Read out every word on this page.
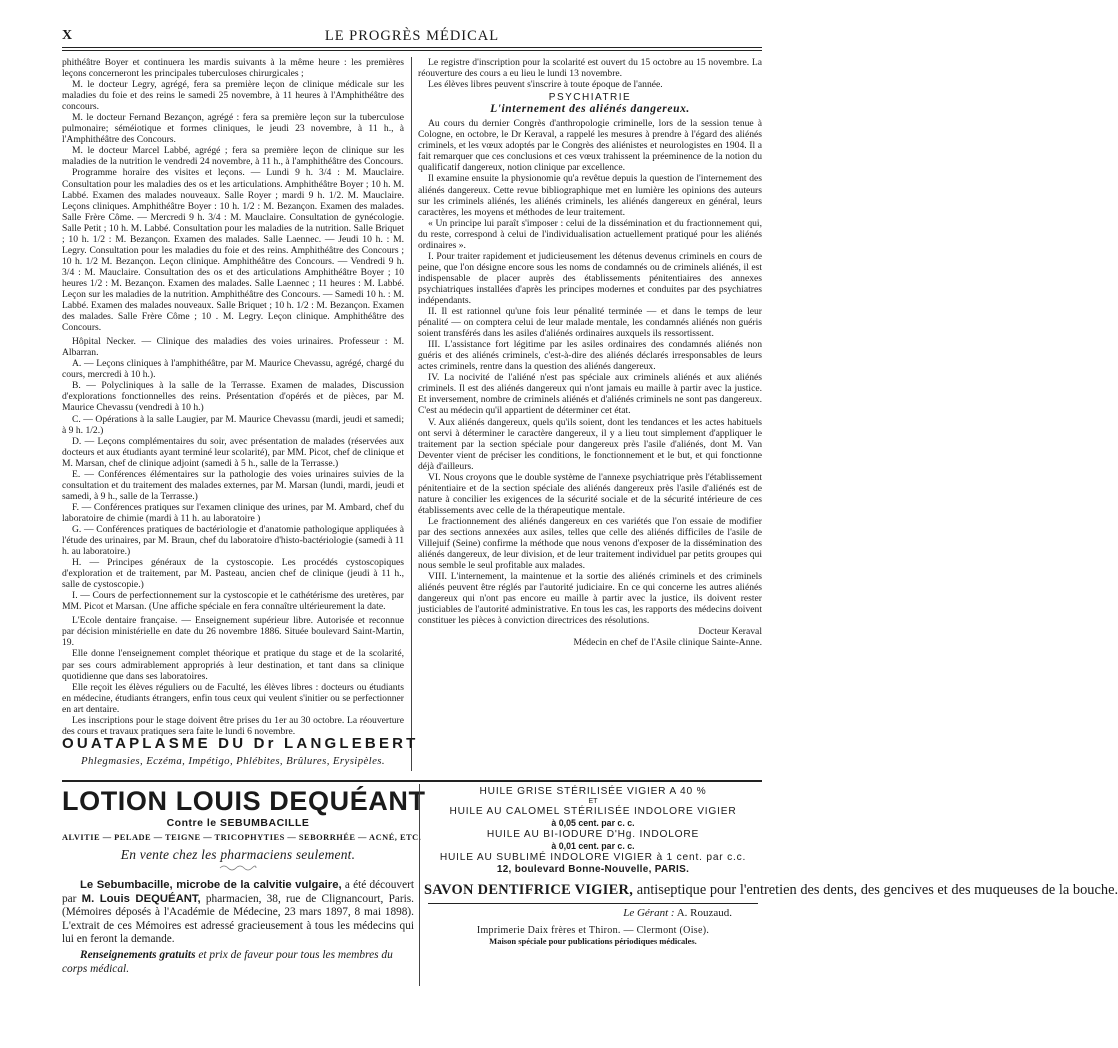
X	LE PROGRÈS MÉDICAL

phithéâtre Boyer et continuera les mardis suivants à la même heure : les premières leçons concerneront les principales tuberculoses chirurgicales ;

M. le docteur Legry, agrégé, fera sa première leçon de clinique médicale sur les maladies du foie et des reins le samedi 25 novembre, à 11 heures à l'Amphithéâtre des concours.

M. le docteur Fernand Bezançon, agrégé : fera sa première leçon sur la tuberculose pulmonaire; séméiotique et formes cliniques, le jeudi 23 novembre, à 11 h., à l'Amphithéâtre des Concours.

M. le docteur Marcel Labbé, agrégé ; fera sa première leçon de clinique sur les maladies de la nutrition le vendredi 24 novembre, à 11 h., à l'amphithéâtre des Concours.

Programme horaire des visites et leçons. — Lundi 9 h. 3/4 : M. Mauclaire. Consultation pour les maladies des os et les articulations. Amphithéâtre Boyer ; 10 h. M. Labbé. Examen des malades nouveaux. Salle Royer ; mardi 9 h. 1/2. M. Mauclaire. Leçons cliniques. Amphithéâtre Boyer : 10 h. 1/2 : M. Bezançon. Examen des malades. Salle Frère Côme. — Mercredi 9 h. 3/4 : M. Mauclaire. Consultation de gynécologie. Salle Petit ; 10 h. M. Labbé. Consultation pour les maladies de la nutrition. Salle Briquet ; 10 h. 1/2 : M. Bezançon. Examen des malades. Salle Laennec. — Jeudi 10 h. : M. Legry. Consultation pour les maladies du foie et des reins. Amphithéâtre des Concours ; 10 h. 1/2 M. Bezançon. Leçon clinique. Amphithéâtre des Concours. — Vendredi 9 h. 3/4 : M. Mauclaire. Consultation des os et des articulations Amphithéâtre Boyer ; 10 heures 1/2 : M. Bezançon. Examen des malades. Salle Laennec ; 11 heures : M. Labbé. Leçon sur les maladies de la nutrition. Amphithéâtre des Concours. — Samedi 10 h. : M. Labbé. Examen des malades nouveaux. Salle Briquet ; 10 h. 1/2 : M. Bezançon. Examen des malades. Salle Frère Côme ; 10 . M. Legry. Leçon clinique. Amphithéâtre des Concours.

Hôpital Necker. — Clinique des maladies des voies urinaires. Professeur : M. Albarran.

A. — Leçons cliniques à l'amphithéâtre, par M. Maurice Chevassu, agrégé, chargé du cours, mercredi à 10 h.).

B. — Polycliniques à la salle de la Terrasse. Examen de malades, Discussion d'explorations fonctionnelles des reins. Présentation d'opérés et de pièces, par M. Maurice Chevassu (vendredi à 10 h.)

C. — Opérations à la salle Laugier, par M. Maurice Chevassu (mardi, jeudi et samedi; à 9 h. 1/2.)

D. — Leçons complémentaires du soir, avec présentation de malades (réservées aux docteurs et aux étudiants ayant terminé leur scolarité), par MM. Picot, chef de clinique et M. Marsan, chef de clinique adjoint (samedi à 5 h., salle de la Terrasse.)

E. — Conférences élémentaires sur la pathologie des voies urinaires suivies de la consultation et du traitement des malades externes, par M. Marsan (lundi, mardi, jeudi et samedi, à 9 h., salle de la Terrasse.)

F. — Conférences pratiques sur l'examen clinique des urines, par M. Ambard, chef du laboratoire de chimie (mardi à 11 h. au laboratoire )

G. — Conférences pratiques de bactériologie et d'anatomie pathologique appliquées à l'étude des urinaires, par M. Braun, chef du laboratoire d'histo-bactériologie (samedi à 11 h. au laboratoire.)

H. — Principes généraux de la cystoscopie. Les procédés cystoscopiques d'exploration et de traitement, par M. Pasteau, ancien chef de clinique (jeudi à 11 h., salle de cystoscopie.)

I. — Cours de perfectionnement sur la cystoscopie et le cathétérisme des uretères, par MM. Picot et Marsan. (Une affiche spéciale en fera connaître ultérieurement la date.

L'Ecole dentaire française. — Enseignement supérieur libre. Autorisée et reconnue par décision ministérielle en date du 26 novembre 1886. Située boulevard Saint-Martin, 19.

Elle donne l'enseignement complet théorique et pratique du stage et de la scolarité, par ses cours admirablement appropriés à leur destination, et tant dans sa clinique quotidienne que dans ses laboratoires.

Elle reçoit les élèves réguliers ou de Faculté, les élèves libres : docteurs ou étudiants en médecine, étudiants étrangers, enfin tous ceux qui veulent s'initier ou se perfectionner en art dentaire.

Les inscriptions pour le stage doivent être prises du 1er au 30 octobre. La réouverture des cours et travaux pratiques sera faite le lundi 6 novembre.

Le registre d'inscription pour la scolarité est ouvert du 15 octobre au 15 novembre. La réouverture des cours a eu lieu le lundi 13 novembre.

Les élèves libres peuvent s'inscrire à toute époque de l'année.

PSYCHIATRIE
L'internement des aliénés dangereux.

Au cours du dernier Congrès d'anthropologie criminelle, lors de la session tenue à Cologne, en octobre, le Dr Keraval, a rappelé les mesures à prendre à l'égard des aliénés criminels, et les vœux adoptés par le Congrès des aliénistes et neurologistes en 1904. Il a fait remarquer que ces conclusions et ces vœux trahissent la préeminence de la notion du qualificatif dangereux, notion clinique par excellence.

Il examine ensuite la physionomie qu'a revêtue depuis la question de l'internement des aliénés dangereux. Cette revue bibliographique met en lumière les opinions des auteurs sur les criminels aliénés, les aliénés criminels, les aliénés dangereux en général, leurs caractères, les moyens et méthodes de leur traitement.

« Un principe lui paraît s'imposer : celui de la dissémination et du fractionnement qui, du reste, correspond à celui de l'individualisation actuellement pratiqué pour les aliénés ordinaires ».

I. Pour traiter rapidement et judicieusement les détenus devenus criminels en cours de peine, que l'on désigne encore sous les noms de condamnés ou de criminels aliénés, il est indispensable de placer auprès des établissements pénitentiaires des annexes psychiatriques installées d'après les principes modernes et conduites par des psychiatres indépendants.

II. Il est rationnel qu'une fois leur pénalité terminée — et dans le temps de leur pénalité — on comptera celui de leur malade mentale, les condamnés aliénés non guéris soient transférés dans les asiles d'aliénés ordinaires auxquels ils ressortissent.

III. L'assistance fort légitime par les asiles ordinaires des condamnés aliénés non guéris et des aliénés criminels, c'est-à-dire des aliénés déclarés irresponsables de leurs actes criminels, rentre dans la question des aliénés dangereux.

IV. La nocivité de l'aliéné n'est pas spéciale aux criminels aliénés et aux aliénés criminels. Il est des aliénés dangereux qui n'ont jamais eu maille à partir avec la justice. Et inversement, nombre de criminels aliénés et d'aliénés criminels ne sont pas dangereux. C'est au médecin qu'il appartient de déterminer cet état.

V. Aux aliénés dangereux, quels qu'ils soient, dont les tendances et les actes habituels ont servi à déterminer le caractère dangereux, il y a lieu tout simplement d'appliquer le traitement par la section spéciale pour dangereux près l'asile d'aliénés, dont M. Van Deventer vient de préciser les conditions, le fonctionnement et le but, et qui fonctionne déjà d'ailleurs.

VI. Nous croyons que le double système de l'annexe psychiatrique près l'établissement pénitentiaire et de la section spéciale des aliénés dangereux près l'asile d'aliénés est de nature à concilier les exigences de la sécurité sociale et de la sécurité intérieure de ces établissements avec celle de la thérapeutique mentale.

Le fractionnement des aliénés dangereux en ces variétés que l'on essaie de modifier par des sections annexées aux asiles, telles que celle des aliénés difficiles de l'asile de Villejuif (Seine) confirme la méthode que nous venons d'exposer de la dissémination des aliénés dangereux, de leur division, et de leur traitement individuel par petits groupes qui nous semble le seul profitable aux malades.

VIII. L'internement, la maintenue et la sortie des aliénés criminels et des criminels aliénés peuvent être réglés par l'autorité judiciaire. En ce qui concerne les autres aliénés dangereux qui n'ont pas encore eu maille à partir avec la justice, ils doivent rester justiciables de l'autorité administrative. En tous les cas, les rapports des médecins doivent constituer les pièces à conviction directrices des résolutions.

Docteur Keraval
Médecin en chef de l'Asile clinique Sainte-Anne.
OUATAPLASME DU Dr LANGLEBERT
Phlegmasies, Eczéma, Impétigo, Phlébites, Brûlures, Erysipèles.
LOTION LOUIS DEQUÉANT
Contre le SEBUMBACILLE
ALVITIE — PELADE — TEIGNE — TRICOPHYTIES — SEBORRHÉE — ACNÉ, ETC.
En vente chez les pharmaciens seulement.
Le Sebumbacille, microbe de la calvitie vulgaire, a été découvert par M. Louis DEQUÉANT, pharmacien, 38, rue de Clignancourt, Paris. (Mémoires déposés à l'Académie de Médecine, 23 mars 1897, 8 mai 1898). L'extrait de ces Mémoires est adressé gracieusement à tous les médecins qui lui en feront la demande.
Renseignements gratuits et prix de faveur pour tous les membres du corps médical.
HUILE GRISE STÉRILISÉE VIGIER A 40 %
ET
HUILE AU CALOMEL STÉRILISÉE INDOLORE VIGIER
à 0,05 cent. par c. c.
HUILE AU BI-IODURE D'Hg. INDOLORE
à 0,01 cent. par c. c.
HUILE AU SUBLIMÉ INDOLORE VIGIER à 1 cent. par c.c.
12, boulevard Bonne-Nouvelle, PARIS.
SAVON DENTIFRICE VIGIER, antiseptique pour l'entretien des dents, des gencives et des muqueuses de la bouche.
Le Gérant : A. Rouzaud.
Imprimerie Daix frères et Thiron. — Clermont (Oise).
Maison spéciale pour publications périodiques médicales.
